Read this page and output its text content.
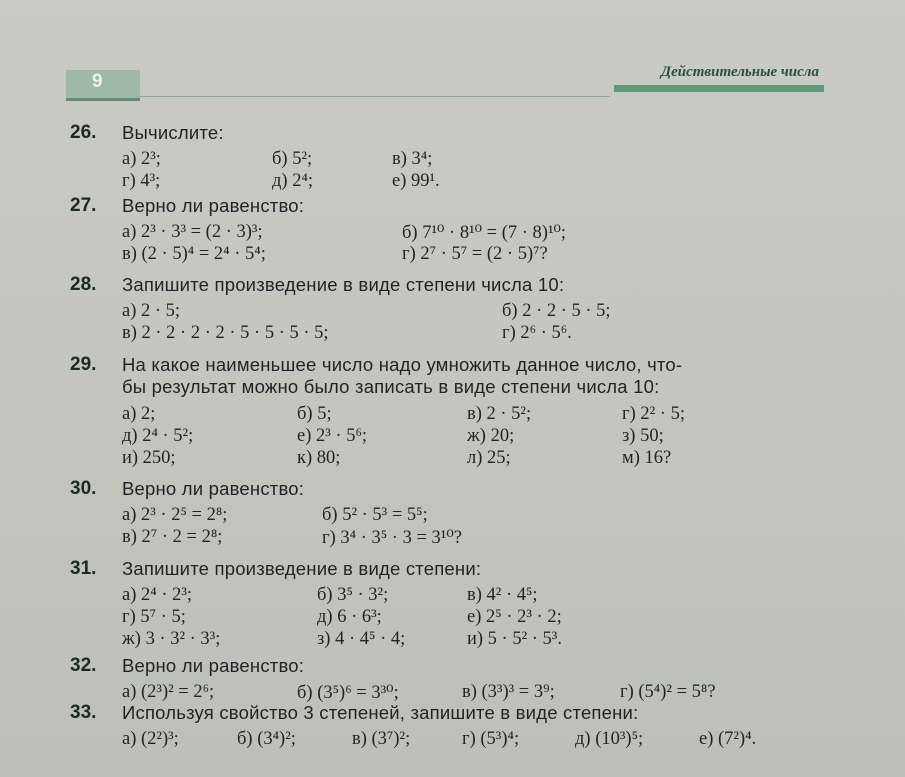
9	Действительные числа
26.	Вычислите:
а) 2³;	б) 5²;	в) 3⁴;
г) 4³;	д) 2⁴;	е) 99¹.
27.	Верно ли равенство:
а) 2³ · 3³ = (2 · 3)³;	б) 7¹⁰ · 8¹⁰ = (7 · 8)¹⁰;
в) (2 · 5)⁴ = 2⁴ · 5⁴;	г) 2⁷ · 5⁷ = (2 · 5)⁷?
28.	Запишите произведение в виде степени числа 10:
а) 2 · 5;	б) 2 · 2 · 5 · 5;
в) 2 · 2 · 2 · 2 · 5 · 5 · 5 · 5;	г) 2⁶ · 5⁶.
29.	На какое наименьшее число надо умножить данное число, что-
бы результат можно было записать в виде степени числа 10:
а) 2;	б) 5;	в) 2 · 5²;	г) 2² · 5;
д) 2⁴ · 5²;	е) 2³ · 5⁶;	ж) 20;	з) 50;
и) 250;	к) 80;	л) 25;	м) 16?
30.	Верно ли равенство:
а) 2³ · 2⁵ = 2⁸;	б) 5² · 5³ = 5⁵;
в) 2⁷ · 2 = 2⁸;	г) 3⁴ · 3⁵ · 3 = 3¹⁰?
31.	Запишите произведение в виде степени:
а) 2⁴ · 2³;	б) 3⁵ · 3²;	в) 4² · 4⁵;
г) 5⁷ · 5;	д) 6 · 6³;	е) 2⁵ · 2³ · 2;
ж) 3 · 3² · 3³;	з) 4 · 4⁵ · 4;	и) 5 · 5² · 5³.
32.	Верно ли равенство:
а) (2³)² = 2⁶;	б) (3⁵)⁶ = 3³⁰;	в) (3³)³ = 3⁹;	г) (5⁴)² = 5⁸?
33.	Используя свойство 3 степеней, запишите в виде степени:
а) (2²)³;	б) (3⁴)²;	в) (3⁷)²;	г) (5³)⁴;	д) (10³)⁵;	е) (7²)⁴.
